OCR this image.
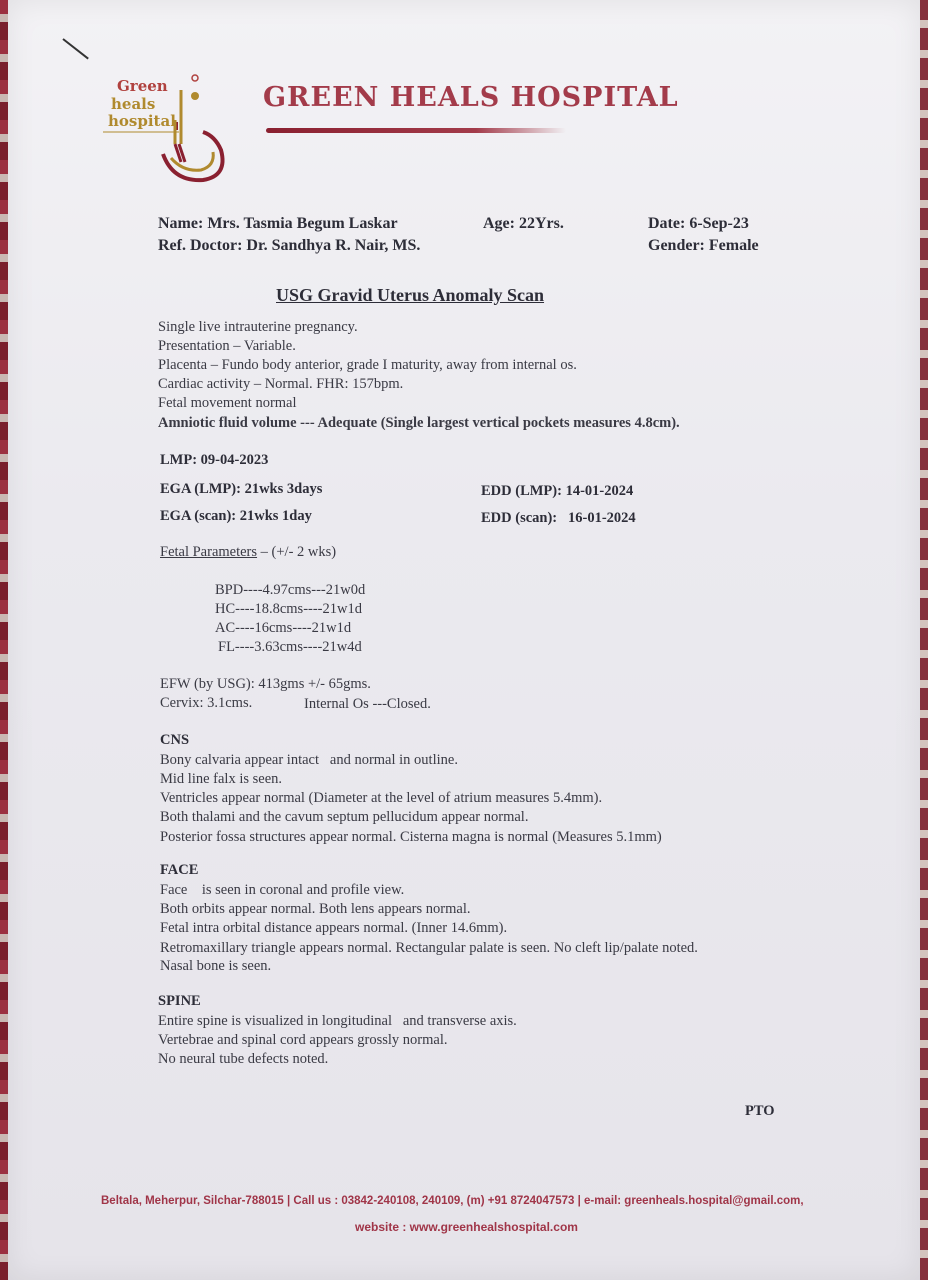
Green
heals
hospital
GREEN HEALS HOSPITAL
Name: Mrs. Tasmia Begum Laskar	Age: 22Yrs.	Date: 6-Sep-23
Ref. Doctor: Dr. Sandhya R. Nair, MS.	Gender: Female
USG Gravid Uterus Anomaly Scan
Single live intrauterine pregnancy.
Presentation – Variable.
Placenta – Fundo body anterior, grade I maturity, away from internal os.
Cardiac activity – Normal. FHR: 157bpm.
Fetal movement normal
Amniotic fluid volume --- Adequate (Single largest vertical pockets measures 4.8cm).
LMP: 09-04-2023
EGA (LMP): 21wks 3days	EDD (LMP): 14-01-2024
EGA (scan): 21wks 1day	EDD (scan):   16-01-2024
Fetal Parameters – (+/- 2 wks)
BPD----4.97cms---21w0d
HC----18.8cms----21w1d
AC----16cms----21w1d
FL----3.63cms----21w4d
EFW (by USG): 413gms +/- 65gms.
Cervix: 3.1cms.	Internal Os ---Closed.
CNS
Bony calvaria appear intact   and normal in outline.
Mid line falx is seen.
Ventricles appear normal (Diameter at the level of atrium measures 5.4mm).
Both thalami and the cavum septum pellucidum appear normal.
Posterior fossa structures appear normal. Cisterna magna is normal (Measures 5.1mm)
FACE
Face    is seen in coronal and profile view.
Both orbits appear normal. Both lens appears normal.
Fetal intra orbital distance appears normal. (Inner 14.6mm).
Retromaxillary triangle appears normal. Rectangular palate is seen. No cleft lip/palate noted.
Nasal bone is seen.
SPINE
Entire spine is visualized in longitudinal   and transverse axis.
Vertebrae and spinal cord appears grossly normal.
No neural tube defects noted.
PTO
Beltala, Meherpur, Silchar-788015 | Call us : 03842-240108, 240109, (m) +91 8724047573 | e-mail: greenheals.hospital@gmail.com,
website : www.greenhealshospital.com
